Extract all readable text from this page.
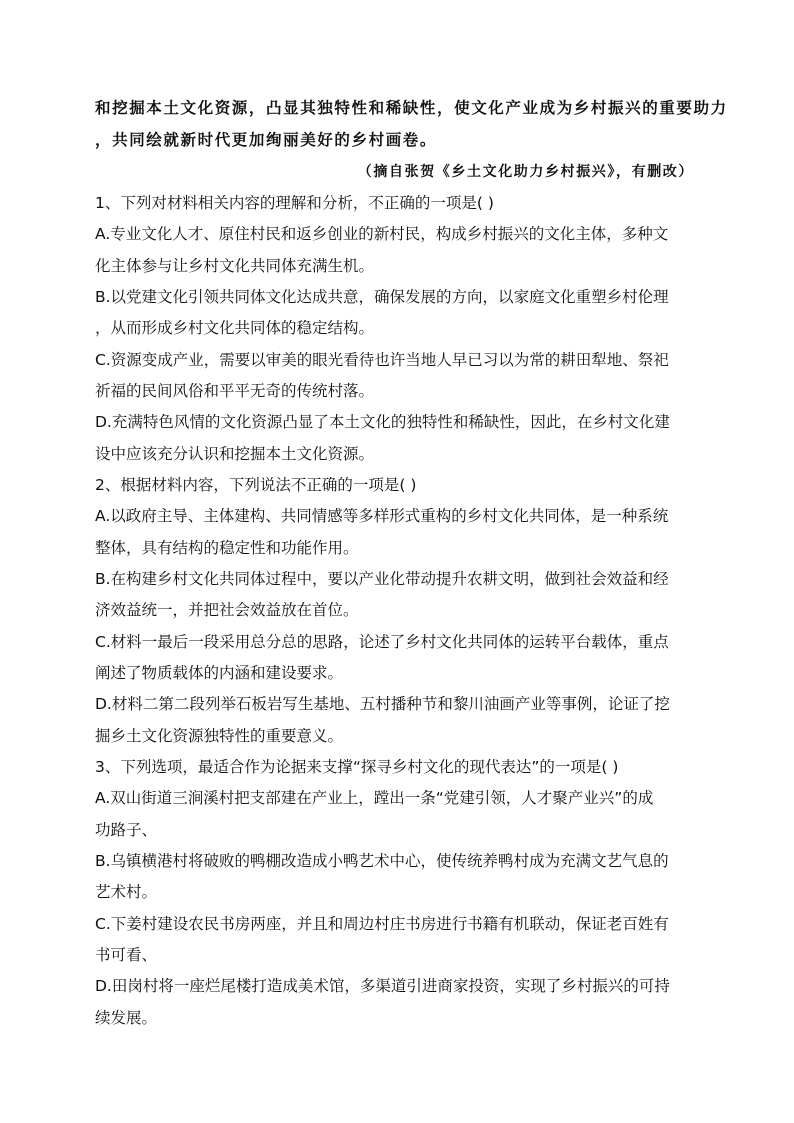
和挖掘本土文化资源，凸显其独特性和稀缺性，使文化产业成为乡村振兴的重要助力
，共同绘就新时代更加绚丽美好的乡村画卷。
（摘自张贺《乡土文化助力乡村振兴》，有删改）
1、下列对材料相关内容的理解和分析，不正确的一项是( )
A.专业文化人才、原住村民和返乡创业的新村民，构成乡村振兴的文化主体，多种文
化主体参与让乡村文化共同体充满生机。
B.以党建文化引领共同体文化达成共意，确保发展的方向，以家庭文化重塑乡村伦理
，从而形成乡村文化共同体的稳定结构。
C.资源变成产业，需要以审美的眼光看待也许当地人早已习以为常的耕田犁地、祭祀
祈福的民间风俗和平平无奇的传统村落。
D.充满特色风情的文化资源凸显了本土文化的独特性和稀缺性，因此，在乡村文化建
设中应该充分认识和挖掘本土文化资源。
2、根据材料内容，下列说法不正确的一项是( )
A.以政府主导、主体建构、共同情感等多样形式重构的乡村文化共同体，是一种系统
整体，具有结构的稳定性和功能作用。
B.在构建乡村文化共同体过程中，要以产业化带动提升农耕文明，做到社会效益和经
济效益统一，并把社会效益放在首位。
C.材料一最后一段采用总分总的思路，论述了乡村文化共同体的运转平台载体，重点
阐述了物质载体的内涵和建设要求。
D.材料二第二段列举石板岩写生基地、五村播种节和黎川油画产业等事例，论证了挖
掘乡土文化资源独特性的重要意义。
3、下列选项，最适合作为论据来支撑“探寻乡村文化的现代表达”的一项是( )
A.双山街道三涧溪村把支部建在产业上，蹚出一条“党建引领，人才聚产业兴”的成
功路子、
B.乌镇横港村将破败的鸭棚改造成小鸭艺术中心，使传统养鸭村成为充满文艺气息的
艺术村。
C.下姜村建设农民书房两座，并且和周边村庄书房进行书籍有机联动，保证老百姓有
书可看、
D.田岗村将一座烂尾楼打造成美术馆，多渠道引进商家投资，实现了乡村振兴的可持
续发展。
